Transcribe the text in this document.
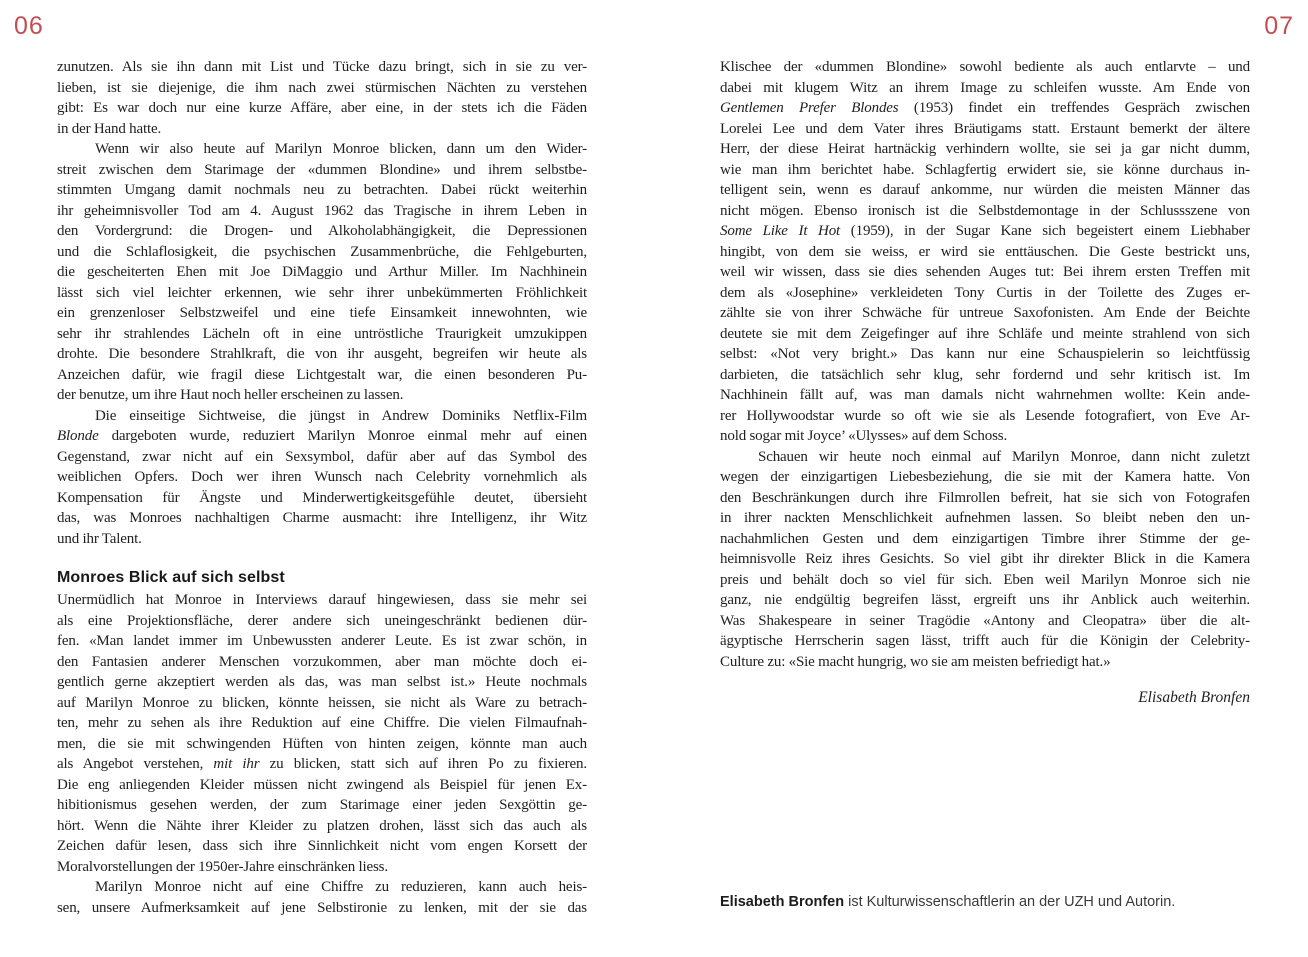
06	07
zunutzen. Als sie ihn dann mit List und Tücke dazu bringt, sich in sie zu ver-
lieben, ist sie diejenige, die ihm nach zwei stürmischen Nächten zu verstehen
gibt: Es war doch nur eine kurze Affäre, aber eine, in der stets ich die Fäden
in der Hand hatte.
Wenn wir also heute auf Marilyn Monroe blicken, dann um den Wider-
streit zwischen dem Starimage der «dummen Blondine» und ihrem selbstbe-
stimmten Umgang damit nochmals neu zu betrachten. Dabei rückt weiterhin
ihr geheimnisvoller Tod am 4. August 1962 das Tragische in ihrem Leben in
den Vordergrund: die Drogen- und Alkoholabhängigkeit, die Depressionen
und die Schlaflosigkeit, die psychischen Zusammenbrüche, die Fehlgeburten,
die gescheiterten Ehen mit Joe DiMaggio und Arthur Miller. Im Nachhinein
lässt sich viel leichter erkennen, wie sehr ihrer unbekümmerten Fröhlichkeit
ein grenzenloser Selbstzweifel und eine tiefe Einsamkeit innewohnten, wie
sehr ihr strahlendes Lächeln oft in eine untröstliche Traurigkeit umzukippen
drohte. Die besondere Strahlkraft, die von ihr ausgeht, begreifen wir heute als
Anzeichen dafür, wie fragil diese Lichtgestalt war, die einen besonderen Pu-
der benutze, um ihre Haut noch heller erscheinen zu lassen.
Die einseitige Sichtweise, die jüngst in Andrew Dominiks Netflix-Film
Blonde dargeboten wurde, reduziert Marilyn Monroe einmal mehr auf einen
Gegenstand, zwar nicht auf ein Sexsymbol, dafür aber auf das Symbol des
weiblichen Opfers. Doch wer ihren Wunsch nach Celebrity vornehmlich als
Kompensation für Ängste und Minderwertigkeitsgefühle deutet, übersieht
das, was Monroes nachhaltigen Charme ausmacht: ihre Intelligenz, ihr Witz
und ihr Talent.
Monroes Blick auf sich selbst
Unermüdlich hat Monroe in Interviews darauf hingewiesen, dass sie mehr sei
als eine Projektionsfläche, derer andere sich uneingeschränkt bedienen dür-
fen. «Man landet immer im Unbewussten anderer Leute. Es ist zwar schön, in
den Fantasien anderer Menschen vorzukommen, aber man möchte doch ei-
gentlich gerne akzeptiert werden als das, was man selbst ist.» Heute nochmals
auf Marilyn Monroe zu blicken, könnte heissen, sie nicht als Ware zu betrach-
ten, mehr zu sehen als ihre Reduktion auf eine Chiffre. Die vielen Filmaufnah-
men, die sie mit schwingenden Hüften von hinten zeigen, könnte man auch
als Angebot verstehen, mit ihr zu blicken, statt sich auf ihren Po zu fixieren.
Die eng anliegenden Kleider müssen nicht zwingend als Beispiel für jenen Ex-
hibitionismus gesehen werden, der zum Starimage einer jeden Sexgöttin ge-
hört. Wenn die Nähte ihrer Kleider zu platzen drohen, lässt sich das auch als
Zeichen dafür lesen, dass sich ihre Sinnlichkeit nicht vom engen Korsett der
Moralvorstellungen der 1950er-Jahre einschränken liess.
Marilyn Monroe nicht auf eine Chiffre zu reduzieren, kann auch heis-
sen, unsere Aufmerksamkeit auf jene Selbstironie zu lenken, mit der sie das
Klischee der «dummen Blondine» sowohl bediente als auch entlarvte – und
dabei mit klugem Witz an ihrem Image zu schleifen wusste. Am Ende von
Gentlemen Prefer Blondes (1953) findet ein treffendes Gespräch zwischen
Lorelei Lee und dem Vater ihres Bräutigams statt. Erstaunt bemerkt der ältere
Herr, der diese Heirat hartnäckig verhindern wollte, sie sei ja gar nicht dumm,
wie man ihm berichtet habe. Schlagfertig erwidert sie, sie könne durchaus in-
telligent sein, wenn es darauf ankomme, nur würden die meisten Männer das
nicht mögen. Ebenso ironisch ist die Selbstdemontage in der Schlussszene von
Some Like It Hot (1959), in der Sugar Kane sich begeistert einem Liebhaber
hingibt, von dem sie weiss, er wird sie enttäuschen. Die Geste bestrickt uns,
weil wir wissen, dass sie dies sehenden Auges tut: Bei ihrem ersten Treffen mit
dem als «Josephine» verkleideten Tony Curtis in der Toilette des Zuges er-
zählte sie von ihrer Schwäche für untreue Saxofonisten. Am Ende der Beichte
deutete sie mit dem Zeigefinger auf ihre Schläfe und meinte strahlend von sich
selbst: «Not very bright.» Das kann nur eine Schauspielerin so leichtfüssig
darbieten, die tatsächlich sehr klug, sehr fordernd und sehr kritisch ist. Im
Nachhinein fällt auf, was man damals nicht wahrnehmen wollte: Kein ande-
rer Hollywoodstar wurde so oft wie sie als Lesende fotografiert, von Eve Ar-
nold sogar mit Joyce’ «Ulysses» auf dem Schoss.
Schauen wir heute noch einmal auf Marilyn Monroe, dann nicht zuletzt
wegen der einzigartigen Liebesbeziehung, die sie mit der Kamera hatte. Von
den Beschränkungen durch ihre Filmrollen befreit, hat sie sich von Fotografen
in ihrer nackten Menschlichkeit aufnehmen lassen. So bleibt neben den un-
nachahmlichen Gesten und dem einzigartigen Timbre ihrer Stimme der ge-
heimnisvolle Reiz ihres Gesichts. So viel gibt ihr direkter Blick in die Kamera
preis und behält doch so viel für sich. Eben weil Marilyn Monroe sich nie
ganz, nie endgültig begreifen lässt, ergreift uns ihr Anblick auch weiterhin.
Was Shakespeare in seiner Tragödie «Antony and Cleopatra» über die alt-
ägyptische Herrscherin sagen lässt, trifft auch für die Königin der Celebrity-
Culture zu: «Sie macht hungrig, wo sie am meisten befriedigt hat.»
Elisabeth Bronfen
Elisabeth Bronfen ist Kulturwissenschaftlerin an der UZH und Autorin.
